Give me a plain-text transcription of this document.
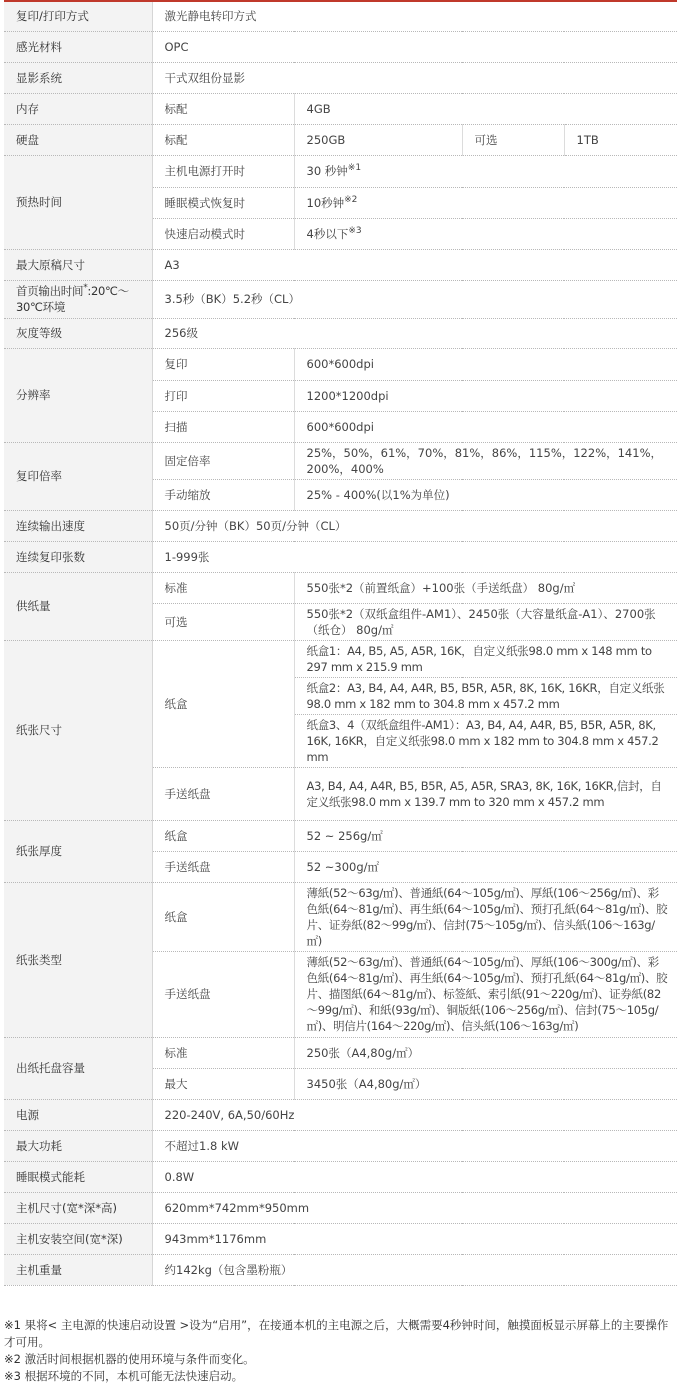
复印/打印方式	激光静电转印方式			
感光材料	OPC			
显影系统	干式双组份显影			
内存	标配	4GB		
硬盘	标配	250GB	可选	1TB
预热时间	主机电源打开时	30 秒钟$^{※1}$
	睡眠模式恢复时	10秒钟$^{※2}$
	快速启动模式时	4秒以下$^{※3}$
最大原稿尺寸	A3			
首页输出时间*:20℃～30℃环境	3.5秒（BK）5.2秒（CL）			
灰度等级	256级			
分辨率	复印	600*600dpi		
	打印	1200*1200dpi		
	扫描	600*600dpi		
复印倍率	固定倍率	25%，50%，61%，70%，81%，86%，115%，122%，141%，200%，400%		
	手动缩放	25% - 400%(以1%为单位)		
连续输出速度	50页/分钟（BK）50页/分钟（CL）			
连续复印张数	1-999张			
供纸量	标准	550张*2（前置纸盒）+100张（手送纸盘） 80g/㎡		
	可选	550张*2（双纸盒组件-AM1）、2450张（大容量纸盒-A1）、2700张（纸仓） 80g/㎡		
纸张尺寸	纸盒	纸盒1：A4, B5, A5, A5R, 16K，自定义纸张98.0 mm x 148 mm to 297 mm x 215.9 mm		
		纸盒2：A3, B4, A4, A4R, B5, B5R, A5R, 8K, 16K, 16KR，自定义纸张98.0 mm x 182 mm to 304.8 mm x 457.2 mm		
		纸盒3、4（双纸盒组件-AM1）：A3, B4, A4, A4R, B5, B5R, A5R, 8K, 16K, 16KR，自定义纸张98.0 mm x 182 mm to 304.8 mm x 457.2 mm		
	手送纸盘	A3, B4, A4, A4R, B5, B5R, A5, A5R, SRA3, 8K, 16K, 16KR,信封，自定义纸张98.0 mm x 139.7 mm to 320 mm x 457.2 mm		
纸张厚度	纸盒	52 ~ 256g/㎡		
	手送纸盘	52 ~300g/㎡		
纸张类型	纸盒	薄紙(52～63g/㎡)、普通紙(64～105g/㎡)、厚紙(106～256g/㎡)、彩色紙(64～81g/㎡)、再生紙(64～105g/㎡)、预打孔紙(64～81g/㎡)、胶片、证券紙(82～99g/㎡)、信封(75～105g/㎡)、信头紙(106～163g/㎡)		
	手送纸盘	薄紙(52～63g/㎡)、普通紙(64～105g/㎡)、厚紙(106～300g/㎡)、彩色紙(64～81g/㎡)、再生紙(64～105g/㎡)、预打孔紙(64～81g/㎡)、胶片、描图紙(64～81g/㎡)、标签紙、索引紙(91～220g/㎡)、证券紙(82～99g/㎡)、和紙(93g/㎡)、铜版紙(106～256g/㎡)、信封(75～105g/㎡)、明信片(164～220g/㎡)、信头紙(106～163g/㎡)		
出纸托盘容量	标准	250张（A4,80g/㎡）		
	最大	3450张（A4,80g/㎡）		
电源	220-240V, 6A,50/60Hz			
最大功耗	不超过1.8 kW			
睡眠模式能耗	0.8W			
主机尺寸(宽*深*高)	620mm*742mm*950mm			
主机安装空间(宽*深)	943mm*1176mm			
主机重量	约142kg（包含墨粉瓶）			
※1 果将< 主电源的快速启动设置 >设为“启用”，在接通本机的主电源之后，大概需要4秒钟时间，触摸面板显示屏幕上的主要操作才可用。
※2 激活时间根据机器的使用环境与条件而变化。
※3 根据环境的不同，本机可能无法快速启动。
